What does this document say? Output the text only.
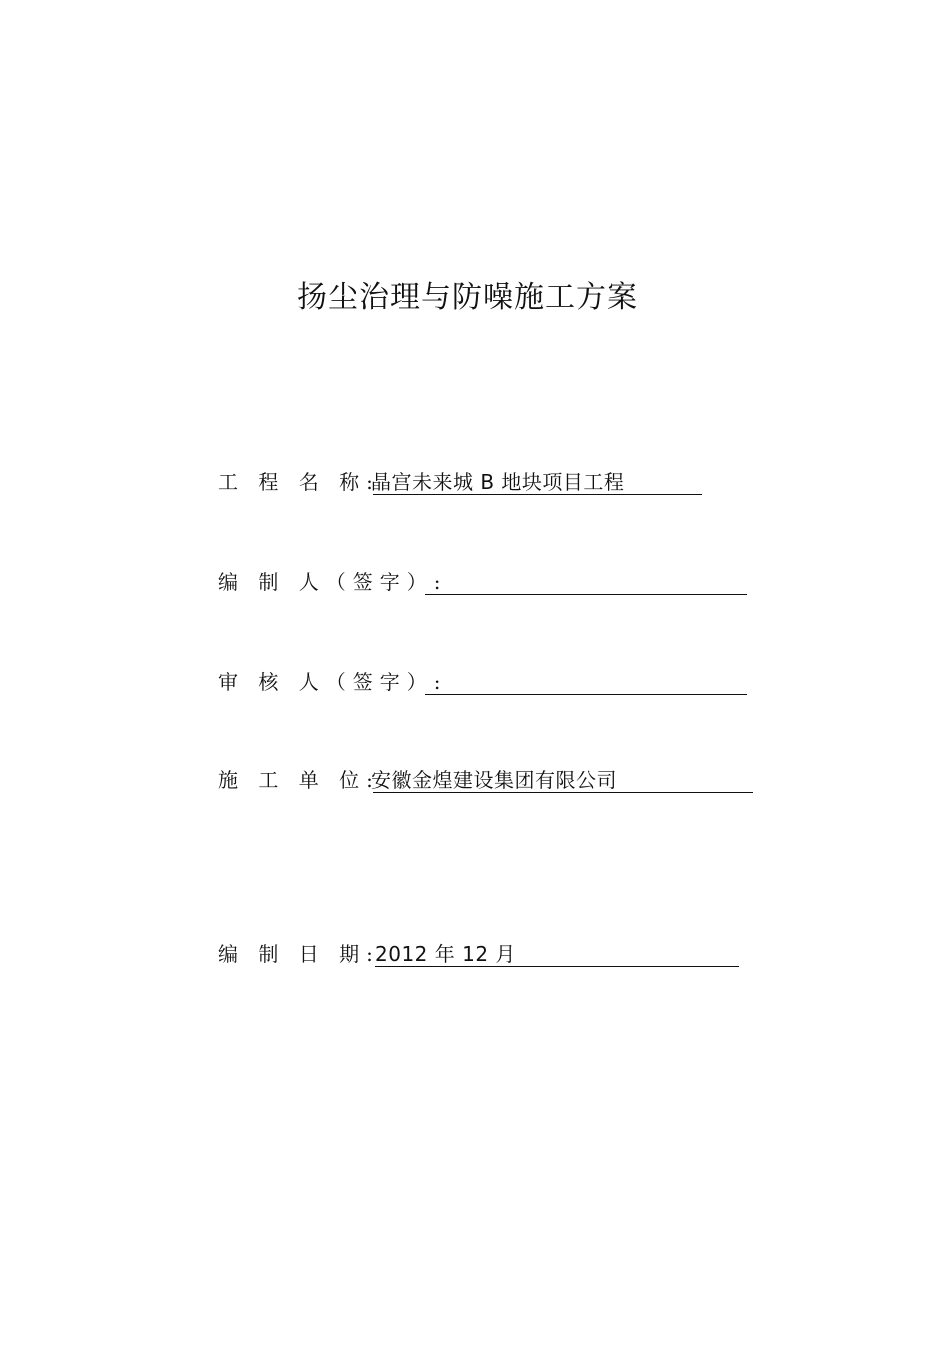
扬尘治理与防噪施工方案
工 程 名 称:
晶宫未来城 B 地块项目工程
编 制 人（签字）:
审 核 人（签字）:
施 工 单 位:
安徽金煌建设集团有限公司
编 制 日 期:
2012 年 12 月
